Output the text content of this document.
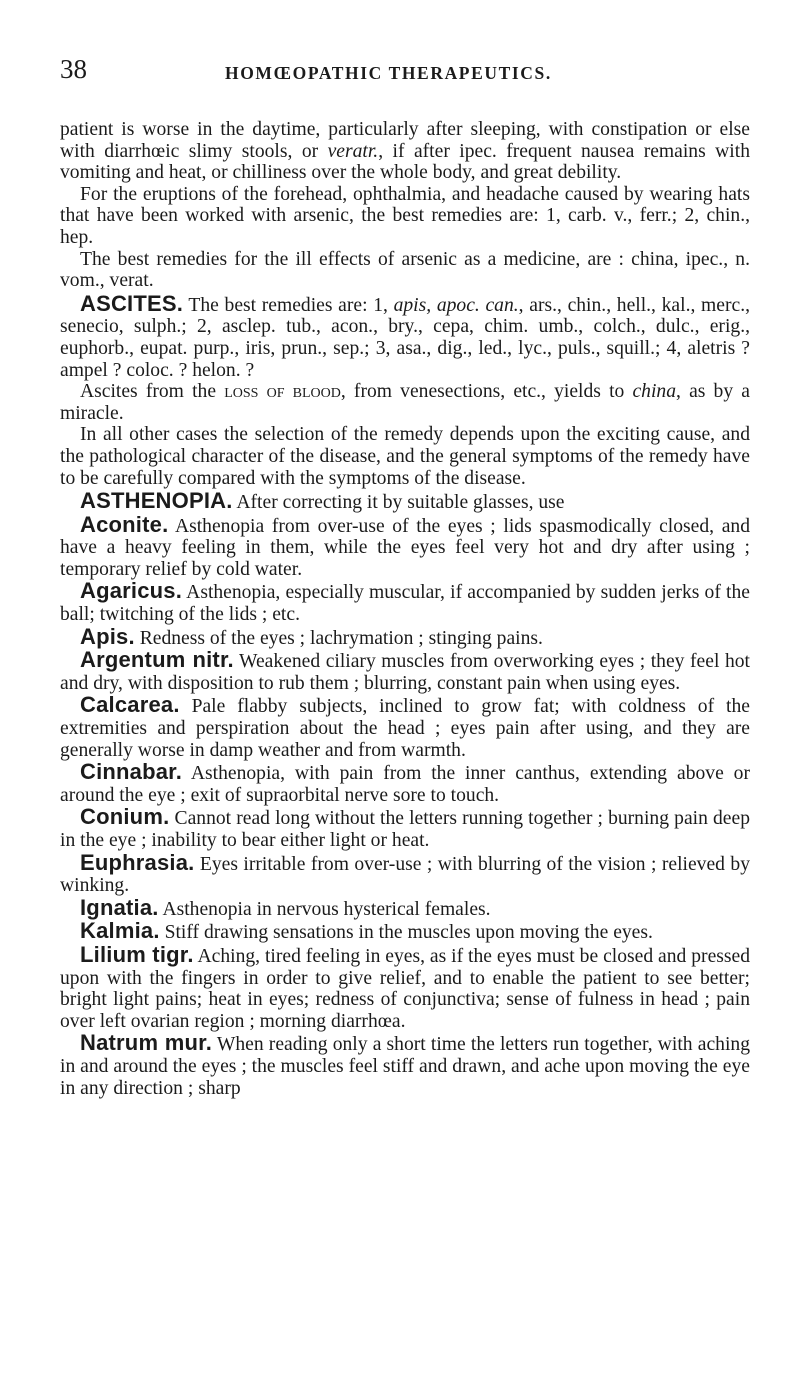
38	HOMŒOPATHIC THERAPEUTICS.

patient is worse in the daytime, particularly after sleeping, with constipation or else with diarrhœic slimy stools, or veratr., if after ipec. frequent nausea remains with vomiting and heat, or chilliness over the whole body, and great debility.

For the eruptions of the forehead, ophthalmia, and headache caused by wearing hats that have been worked with arsenic, the best remedies are: 1, carb. v., ferr.; 2, chin., hep.

The best remedies for the ill effects of arsenic as a medicine, are : china, ipec., n. vom., verat.

ASCITES. The best remedies are: 1, apis, apoc. can., ars., chin., hell., kal., merc., senecio, sulph.; 2, asclep. tub., acon., bry., cepa, chim. umb., colch., dulc., erig., euphorb., eupat. purp., iris, prun., sep.; 3, asa., dig., led., lyc., puls., squill.; 4, aletris ? ampel ? coloc. ? helon. ?

Ascites from the loss of blood, from venesections, etc., yields to china, as by a miracle.

In all other cases the selection of the remedy depends upon the exciting cause, and the pathological character of the disease, and the general symptoms of the remedy have to be carefully compared with the symptoms of the disease.

ASTHENOPIA. After correcting it by suitable glasses, use

Aconite. Asthenopia from over-use of the eyes ; lids spasmodically closed, and have a heavy feeling in them, while the eyes feel very hot and dry after using ; temporary relief by cold water.

Agaricus. Asthenopia, especially muscular, if accompanied by sudden jerks of the ball; twitching of the lids ; etc.

Apis. Redness of the eyes ; lachrymation ; stinging pains.

Argentum nitr. Weakened ciliary muscles from overworking eyes ; they feel hot and dry, with disposition to rub them ; blurring, constant pain when using eyes.

Calcarea. Pale flabby subjects, inclined to grow fat; with coldness of the extremities and perspiration about the head ; eyes pain after using, and they are generally worse in damp weather and from warmth.

Cinnabar. Asthenopia, with pain from the inner canthus, extending above or around the eye ; exit of supraorbital nerve sore to touch.

Conium. Cannot read long without the letters running together ; burning pain deep in the eye ; inability to bear either light or heat.

Euphrasia. Eyes irritable from over-use ; with blurring of the vision ; relieved by winking.

Ignatia. Asthenopia in nervous hysterical females.

Kalmia. Stiff drawing sensations in the muscles upon moving the eyes.

Lilium tigr. Aching, tired feeling in eyes, as if the eyes must be closed and pressed upon with the fingers in order to give relief, and to enable the patient to see better; bright light pains; heat in eyes; redness of conjunctiva; sense of fulness in head ; pain over left ovarian region ; morning diarrhœa.

Natrum mur. When reading only a short time the letters run together, with aching in and around the eyes ; the muscles feel stiff and drawn, and ache upon moving the eye in any direction ; sharp
